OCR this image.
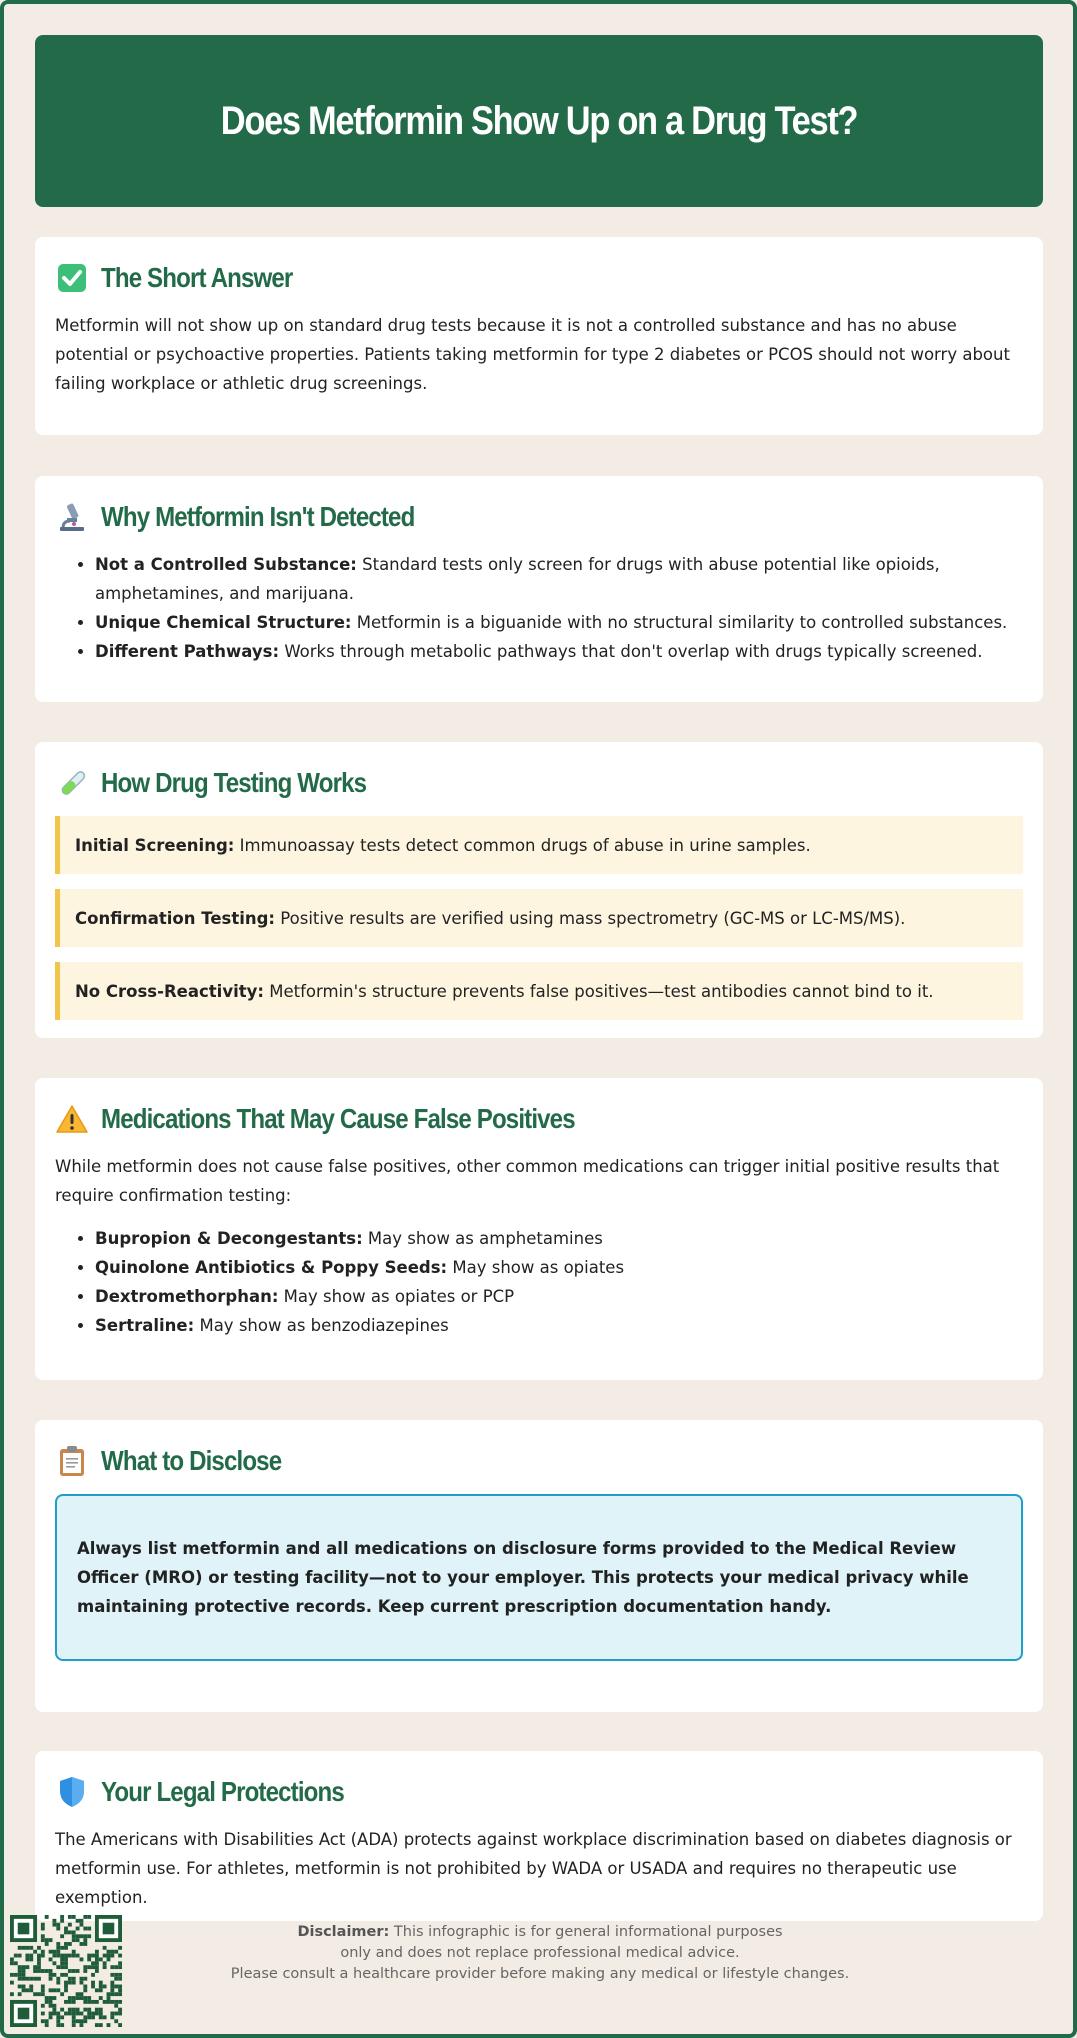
Does Metformin Show Up on a Drug Test?
The Short Answer

Metformin will not show up on standard drug tests because it is not a controlled substance and has no abuse potential or psychoactive properties. Patients taking metformin for type 2 diabetes or PCOS should not worry about failing workplace or athletic drug screenings.

Why Metformin Isn't Detected
• Not a Controlled Substance: Standard tests only screen for drugs with abuse potential like opioids, amphetamines, and marijuana.
• Unique Chemical Structure: Metformin is a biguanide with no structural similarity to controlled substances.
• Different Pathways: Works through metabolic pathways that don't overlap with drugs typically screened.
How Drug Testing Works
Initial Screening: Immunoassay tests detect common drugs of abuse in urine samples.
Confirmation Testing: Positive results are verified using mass spectrometry (GC-MS or LC-MS/MS).
No Cross-Reactivity: Metformin's structure prevents false positives—test antibodies cannot bind to it.
Medications That May Cause False Positives

While metformin does not cause false positives, other common medications can trigger initial positive results that require confirmation testing:

• Bupropion & Decongestants: May show as amphetamines
• Quinolone Antibiotics & Poppy Seeds: May show as opiates
• Dextromethorphan: May show as opiates or PCP
• Sertraline: May show as benzodiazepines
What to Disclose
Always list metformin and all medications on disclosure forms provided to the Medical Review Officer (MRO) or testing facility—not to your employer. This protects your medical privacy while maintaining protective records. Keep current prescription documentation handy.
Your Legal Protections

The Americans with Disabilities Act (ADA) protects against workplace discrimination based on diabetes diagnosis or metformin use. For athletes, metformin is not prohibited by WADA or USADA and requires no therapeutic use exemption.

Disclaimer: This infographic is for general informational purposes
only and does not replace professional medical advice.
Please consult a healthcare provider before making any medical or lifestyle changes.
